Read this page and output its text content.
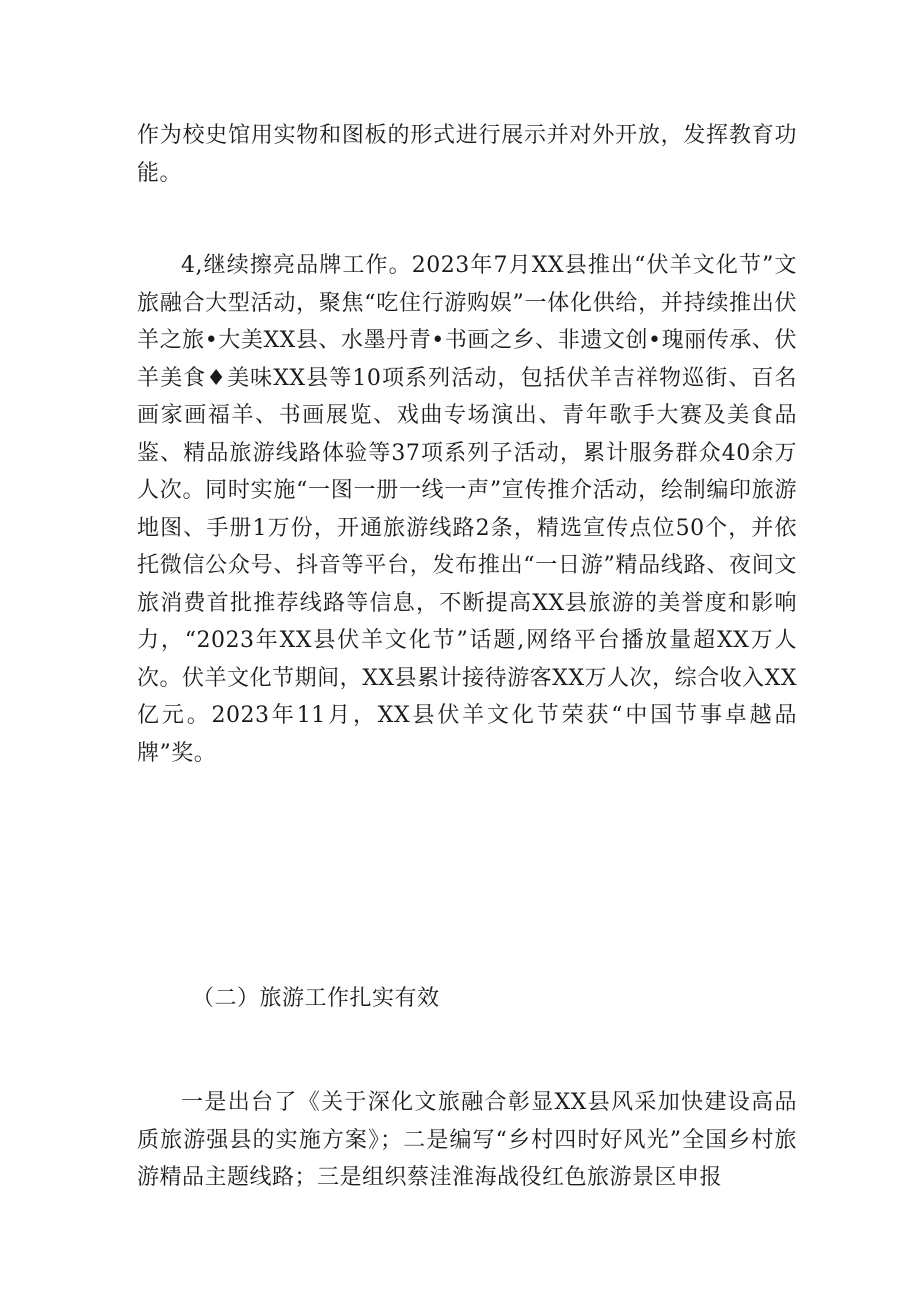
作为校史馆用实物和图板的形式进行展示并对外开放，发挥教育功能。

4,继续擦亮品牌工作。2023年7月XX县推出“伏羊文化节”文旅融合大型活动，聚焦“吃住行游购娱”一体化供给，并持续推出伏羊之旅•大美XX县、水墨丹青•书画之乡、非遗文创•瑰丽传承、伏羊美食♦美味XX县等10项系列活动，包括伏羊吉祥物巡街、百名画家画福羊、书画展览、戏曲专场演出、青年歌手大赛及美食品鉴、精品旅游线路体验等37项系列子活动，累计服务群众40余万人次。同时实施“一图一册一线一声”宣传推介活动，绘制编印旅游地图、手册1万份，开通旅游线路2条，精选宣传点位50个，并依托微信公众号、抖音等平台，发布推出“一日游”精品线路、夜间文旅消费首批推荐线路等信息，不断提高XX县旅游的美誉度和影响力，“2023年XX县伏羊文化节”话题,网络平台播放量超XX万人次。伏羊文化节期间，XX县累计接待游客XX万人次，综合收入XX亿元。2023年11月，XX县伏羊文化节荣获“中国节事卓越品牌”奖。

（二）旅游工作扎实有效

一是出台了《关于深化文旅融合彰显XX县风采加快建设高品质旅游强县的实施方案》；二是编写“乡村四时好风光”全国乡村旅游精品主题线路；三是组织蔡洼淮海战役红色旅游景区申报
